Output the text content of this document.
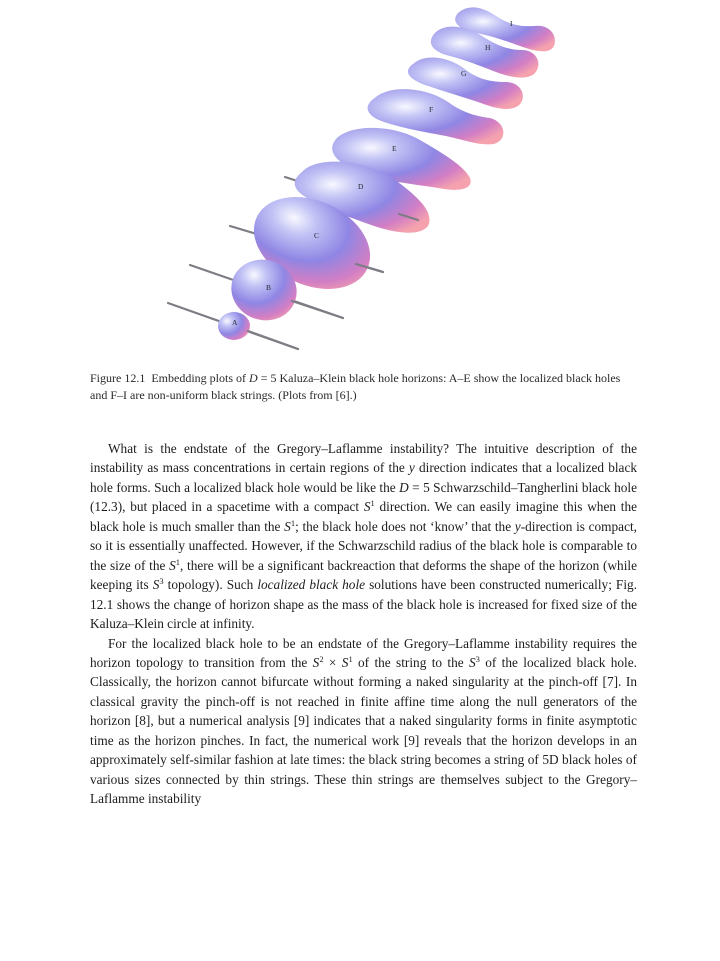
I
H
G
F
E
D
C
B
A
Figure 12.1 Embedding plots of D = 5 Kaluza–Klein black hole horizons: A–E show the localized black holes and F–I are non-uniform black strings. (Plots from [6].)

What is the endstate of the Gregory–Laflamme instability? The intuitive description of the instability as mass concentrations in certain regions of the y direction indicates that a localized black hole forms. Such a localized black hole would be like the D = 5 Schwarzschild–Tangherlini black hole (12.3), but placed in a spacetime with a compact $S^1$ direction. We can easily imagine this when the black hole is much smaller than the $S^1$; the black hole does not ‘know’ that the y-direction is compact, so it is essentially unaffected. However, if the Schwarzschild radius of the black hole is comparable to the size of the $S^1$, there will be a significant backreaction that deforms the shape of the horizon (while keeping its $S^3$ topology). Such localized black hole solutions have been constructed numerically; Fig. 12.1 shows the change of horizon shape as the mass of the black hole is increased for fixed size of the Kaluza–Klein circle at infinity.

For the localized black hole to be an endstate of the Gregory–Laflamme instability requires the horizon topology to transition from the $S^2 \times S^1$ of the string to the $S^3$ of the localized black hole. Classically, the horizon cannot bifurcate without forming a naked singularity at the pinch-off [7]. In classical gravity the pinch-off is not reached in finite affine time along the null generators of the horizon [8], but a numerical analysis [9] indicates that a naked singularity forms in finite asymptotic time as the horizon pinches. In fact, the numerical work [9] reveals that the horizon develops in an approximately self-similar fashion at late times: the black string becomes a string of 5D black holes of various sizes connected by thin strings. These thin strings are themselves subject to the Gregory–Laflamme instability
